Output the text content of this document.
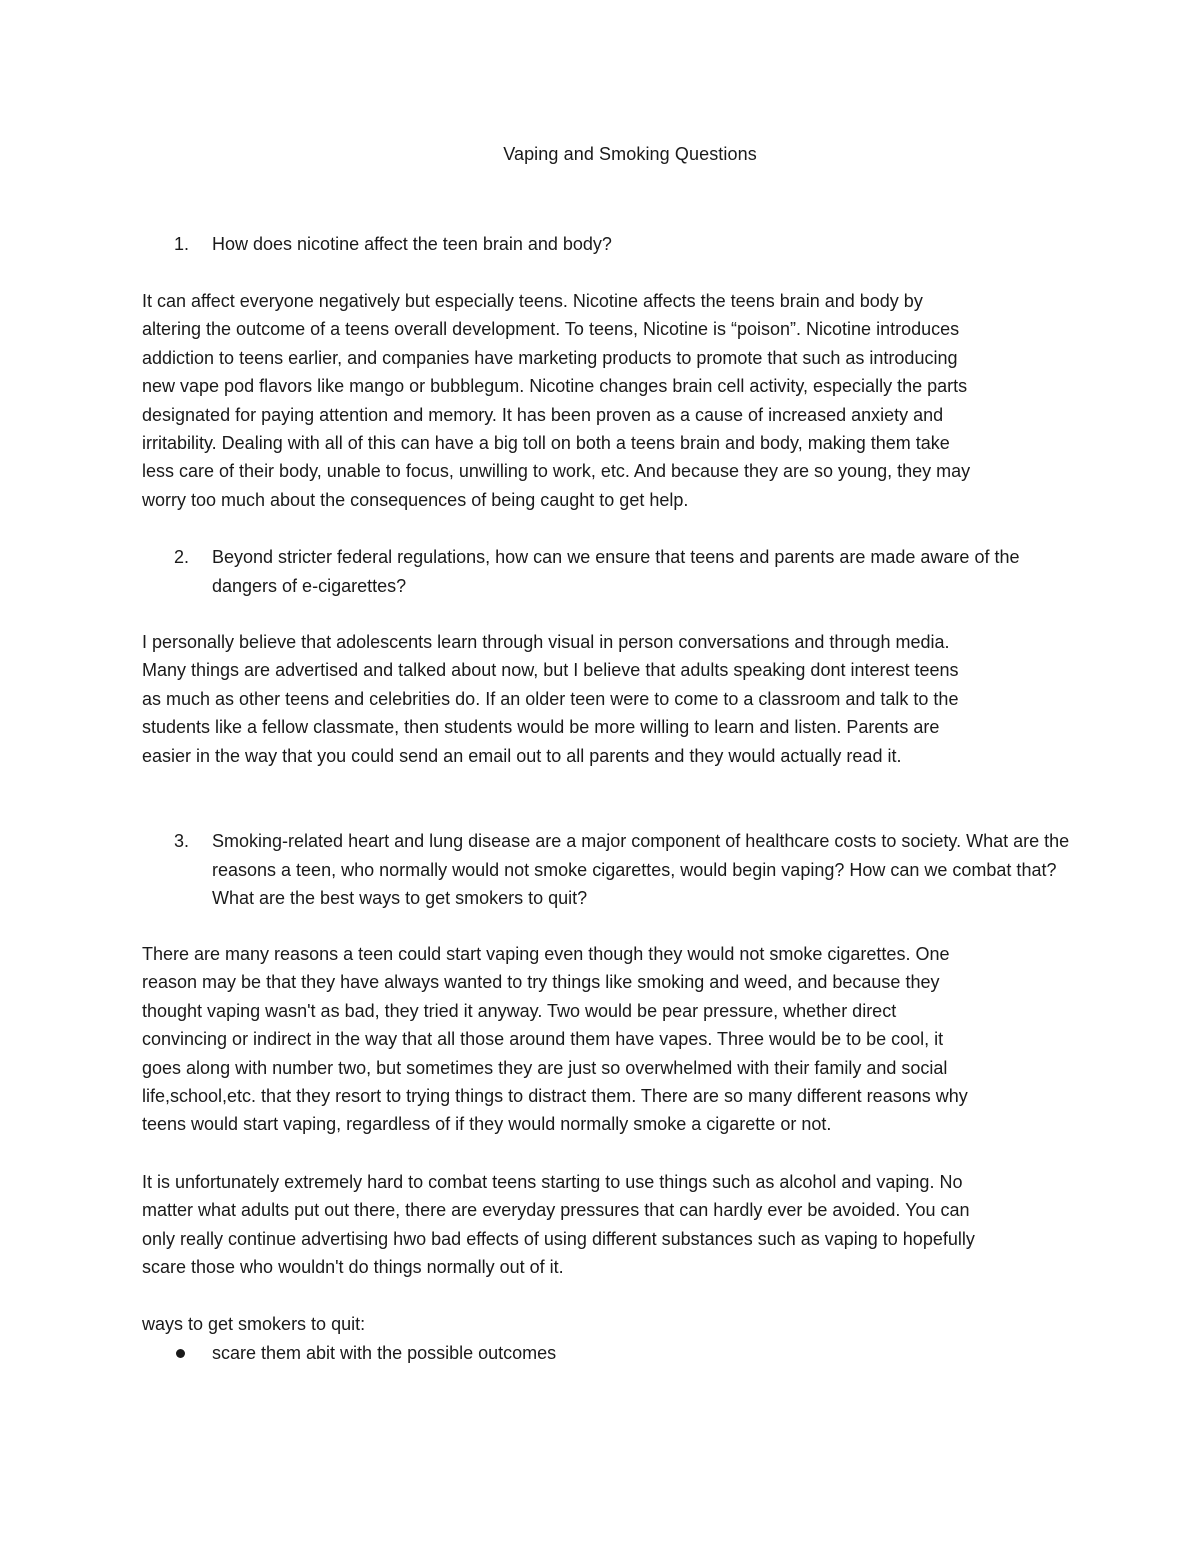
Vaping and Smoking Questions
1. How does nicotine affect the teen brain and body?
It can affect everyone negatively but especially teens. Nicotine affects the teens brain and body by
altering the outcome of a teens overall development. To teens, Nicotine is “poison”. Nicotine introduces
addiction to teens earlier, and companies have marketing products to promote that such as introducing
new vape pod flavors like mango or bubblegum. Nicotine changes brain cell activity, especially the parts
designated for paying attention and memory. It has been proven as a cause of increased anxiety and
irritability. Dealing with all of this can have a big toll on both a teens brain and body, making them take
less care of their body, unable to focus, unwilling to work, etc. And because they are so young, they may
worry too much about the consequences of being caught to get help.
2. Beyond stricter federal regulations, how can we ensure that teens and parents are made aware of the dangers of e-cigarettes?
I personally believe that adolescents learn through visual in person conversations and through media.
Many things are advertised and talked about now, but I believe that adults speaking dont interest teens
as much as other teens and celebrities do. If an older teen were to come to a classroom and talk to the
students like a fellow classmate, then students would be more willing to learn and listen. Parents are
easier in the way that you could send an email out to all parents and they would actually read it.
3. Smoking-related heart and lung disease are a major component of healthcare costs to society. What are the reasons a teen, who normally would not smoke cigarettes, would begin vaping? How can we combat that? What are the best ways to get smokers to quit?
There are many reasons a teen could start vaping even though they would not smoke cigarettes. One
reason may be that they have always wanted to try things like smoking and weed, and because they
thought vaping wasn't as bad, they tried it anyway. Two would be pear pressure, whether direct
convincing or indirect in the way that all those around them have vapes. Three would be to be cool, it
goes along with number two, but sometimes they are just so overwhelmed with their family and social
life,school,etc. that they resort to trying things to distract them. There are so many different reasons why
teens would start vaping, regardless of if they would normally smoke a cigarette or not.
It is unfortunately extremely hard to combat teens starting to use things such as alcohol and vaping. No
matter what adults put out there, there are everyday pressures that can hardly ever be avoided. You can
only really continue advertising hwo bad effects of using different substances such as vaping to hopefully
scare those who wouldn't do things normally out of it.
ways to get smokers to quit:
scare them abit with the possible outcomes
